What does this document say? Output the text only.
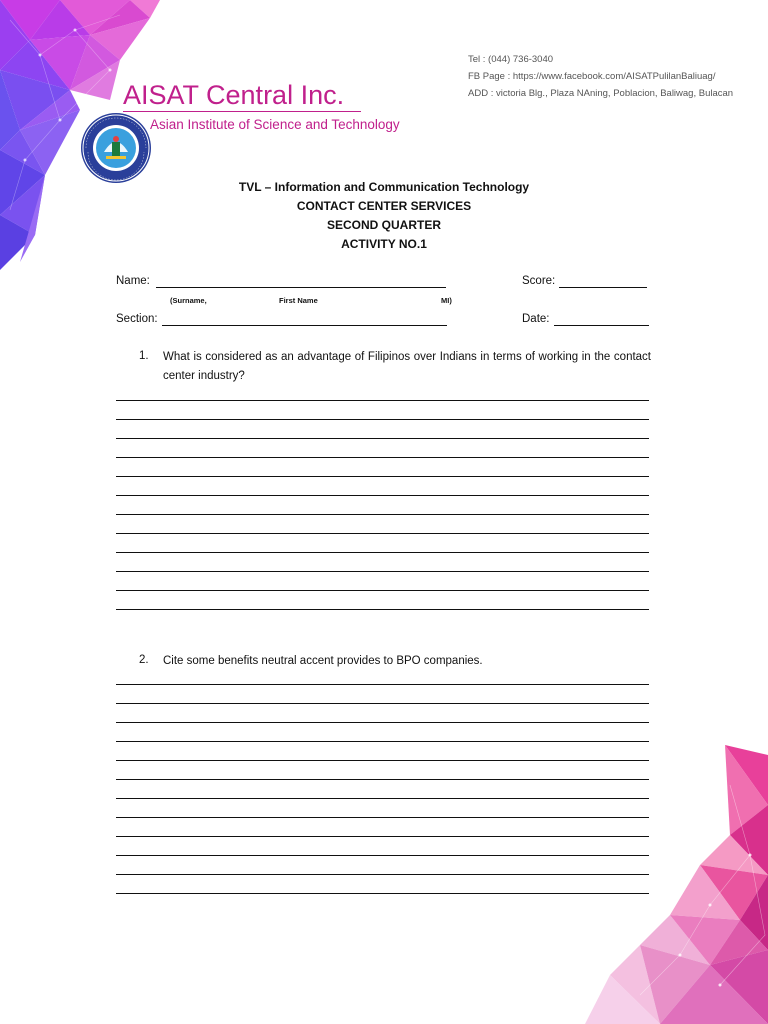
Tel : (044) 736-3040
FB Page : https://www.facebook.com/AISATPulilanBaliuag/
ADD : victoria Blg., Plaza NAning, Poblacion, Baliwag, Bulacan
AISAT Central Inc.
Asian Institute of Science and Technology
TVL – Information and Communication Technology
CONTACT CENTER SERVICES
SECOND QUARTER
ACTIVITY NO.1
Name:	Score:
(Surname,	First Name	MI)
Section:	Date:
1. What is considered as an advantage of Filipinos over Indians in terms of working in the contact center industry?
2. Cite some benefits neutral accent provides to BPO companies.
